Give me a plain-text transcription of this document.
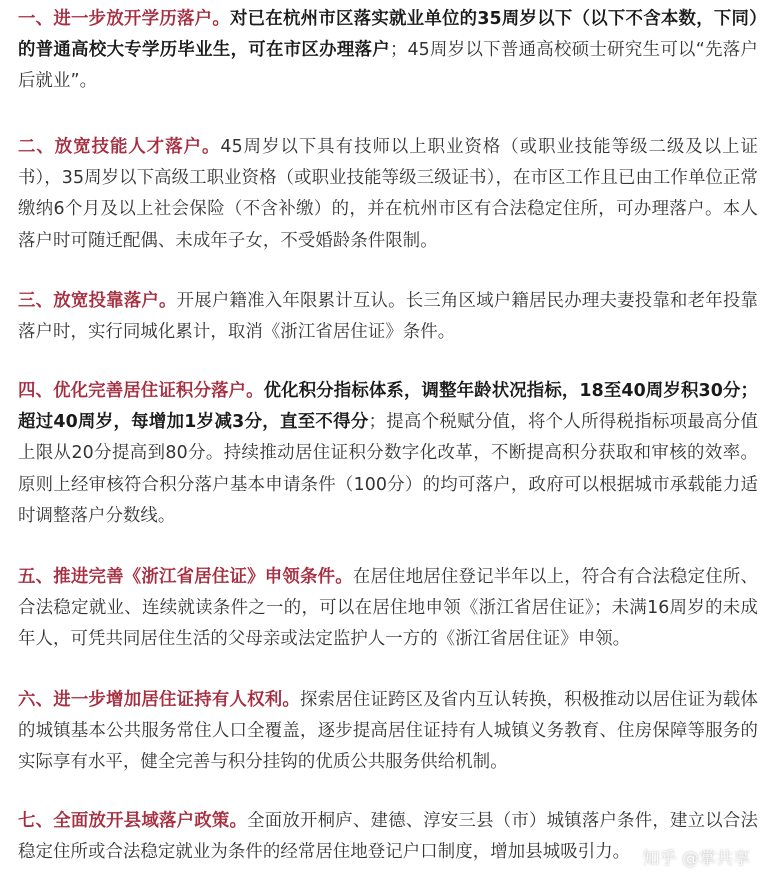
一、进一步放开学历落户。对已在杭州市区落实就业单位的35周岁以下（以下不含本数，下同）的普通高校大专学历毕业生，可在市区办理落户；45周岁以下普通高校硕士研究生可以“先落户后就业”。

二、放宽技能人才落户。45周岁以下具有技师以上职业资格（或职业技能等级二级及以上证书），35周岁以下高级工职业资格（或职业技能等级三级证书），在市区工作且已由工作单位正常缴纳6个月及以上社会保险（不含补缴）的，并在杭州市区有合法稳定住所，可办理落户。本人落户时可随迁配偶、未成年子女，不受婚龄条件限制。

三、放宽投靠落户。开展户籍准入年限累计互认。长三角区域户籍居民办理夫妻投靠和老年投靠落户时，实行同城化累计，取消《浙江省居住证》条件。

四、优化完善居住证积分落户。优化积分指标体系，调整年龄状况指标，18至40周岁积30分；超过40周岁，每增加1岁减3分，直至不得分；提高个税赋分值，将个人所得税指标项最高分值上限从20分提高到80分。持续推动居住证积分数字化改革，不断提高积分获取和审核的效率。原则上经审核符合积分落户基本申请条件（100分）的均可落户，政府可以根据城市承载能力适时调整落户分数线。

五、推进完善《浙江省居住证》申领条件。在居住地居住登记半年以上，符合有合法稳定住所、合法稳定就业、连续就读条件之一的，可以在居住地申领《浙江省居住证》；未满16周岁的未成年人，可凭共同居住生活的父母亲或法定监护人一方的《浙江省居住证》申领。

六、进一步增加居住证持有人权利。探索居住证跨区及省内互认转换，积极推动以居住证为载体的城镇基本公共服务常住人口全覆盖，逐步提高居住证持有人城镇义务教育、住房保障等服务的实际享有水平，健全完善与积分挂钩的优质公共服务供给机制。

七、全面放开县域落户政策。全面放开桐庐、建德、淳安三县（市）城镇落户条件，建立以合法稳定住所或合法稳定就业为条件的经常居住地登记户口制度，增加县城吸引力。 知乎 @掌共享
